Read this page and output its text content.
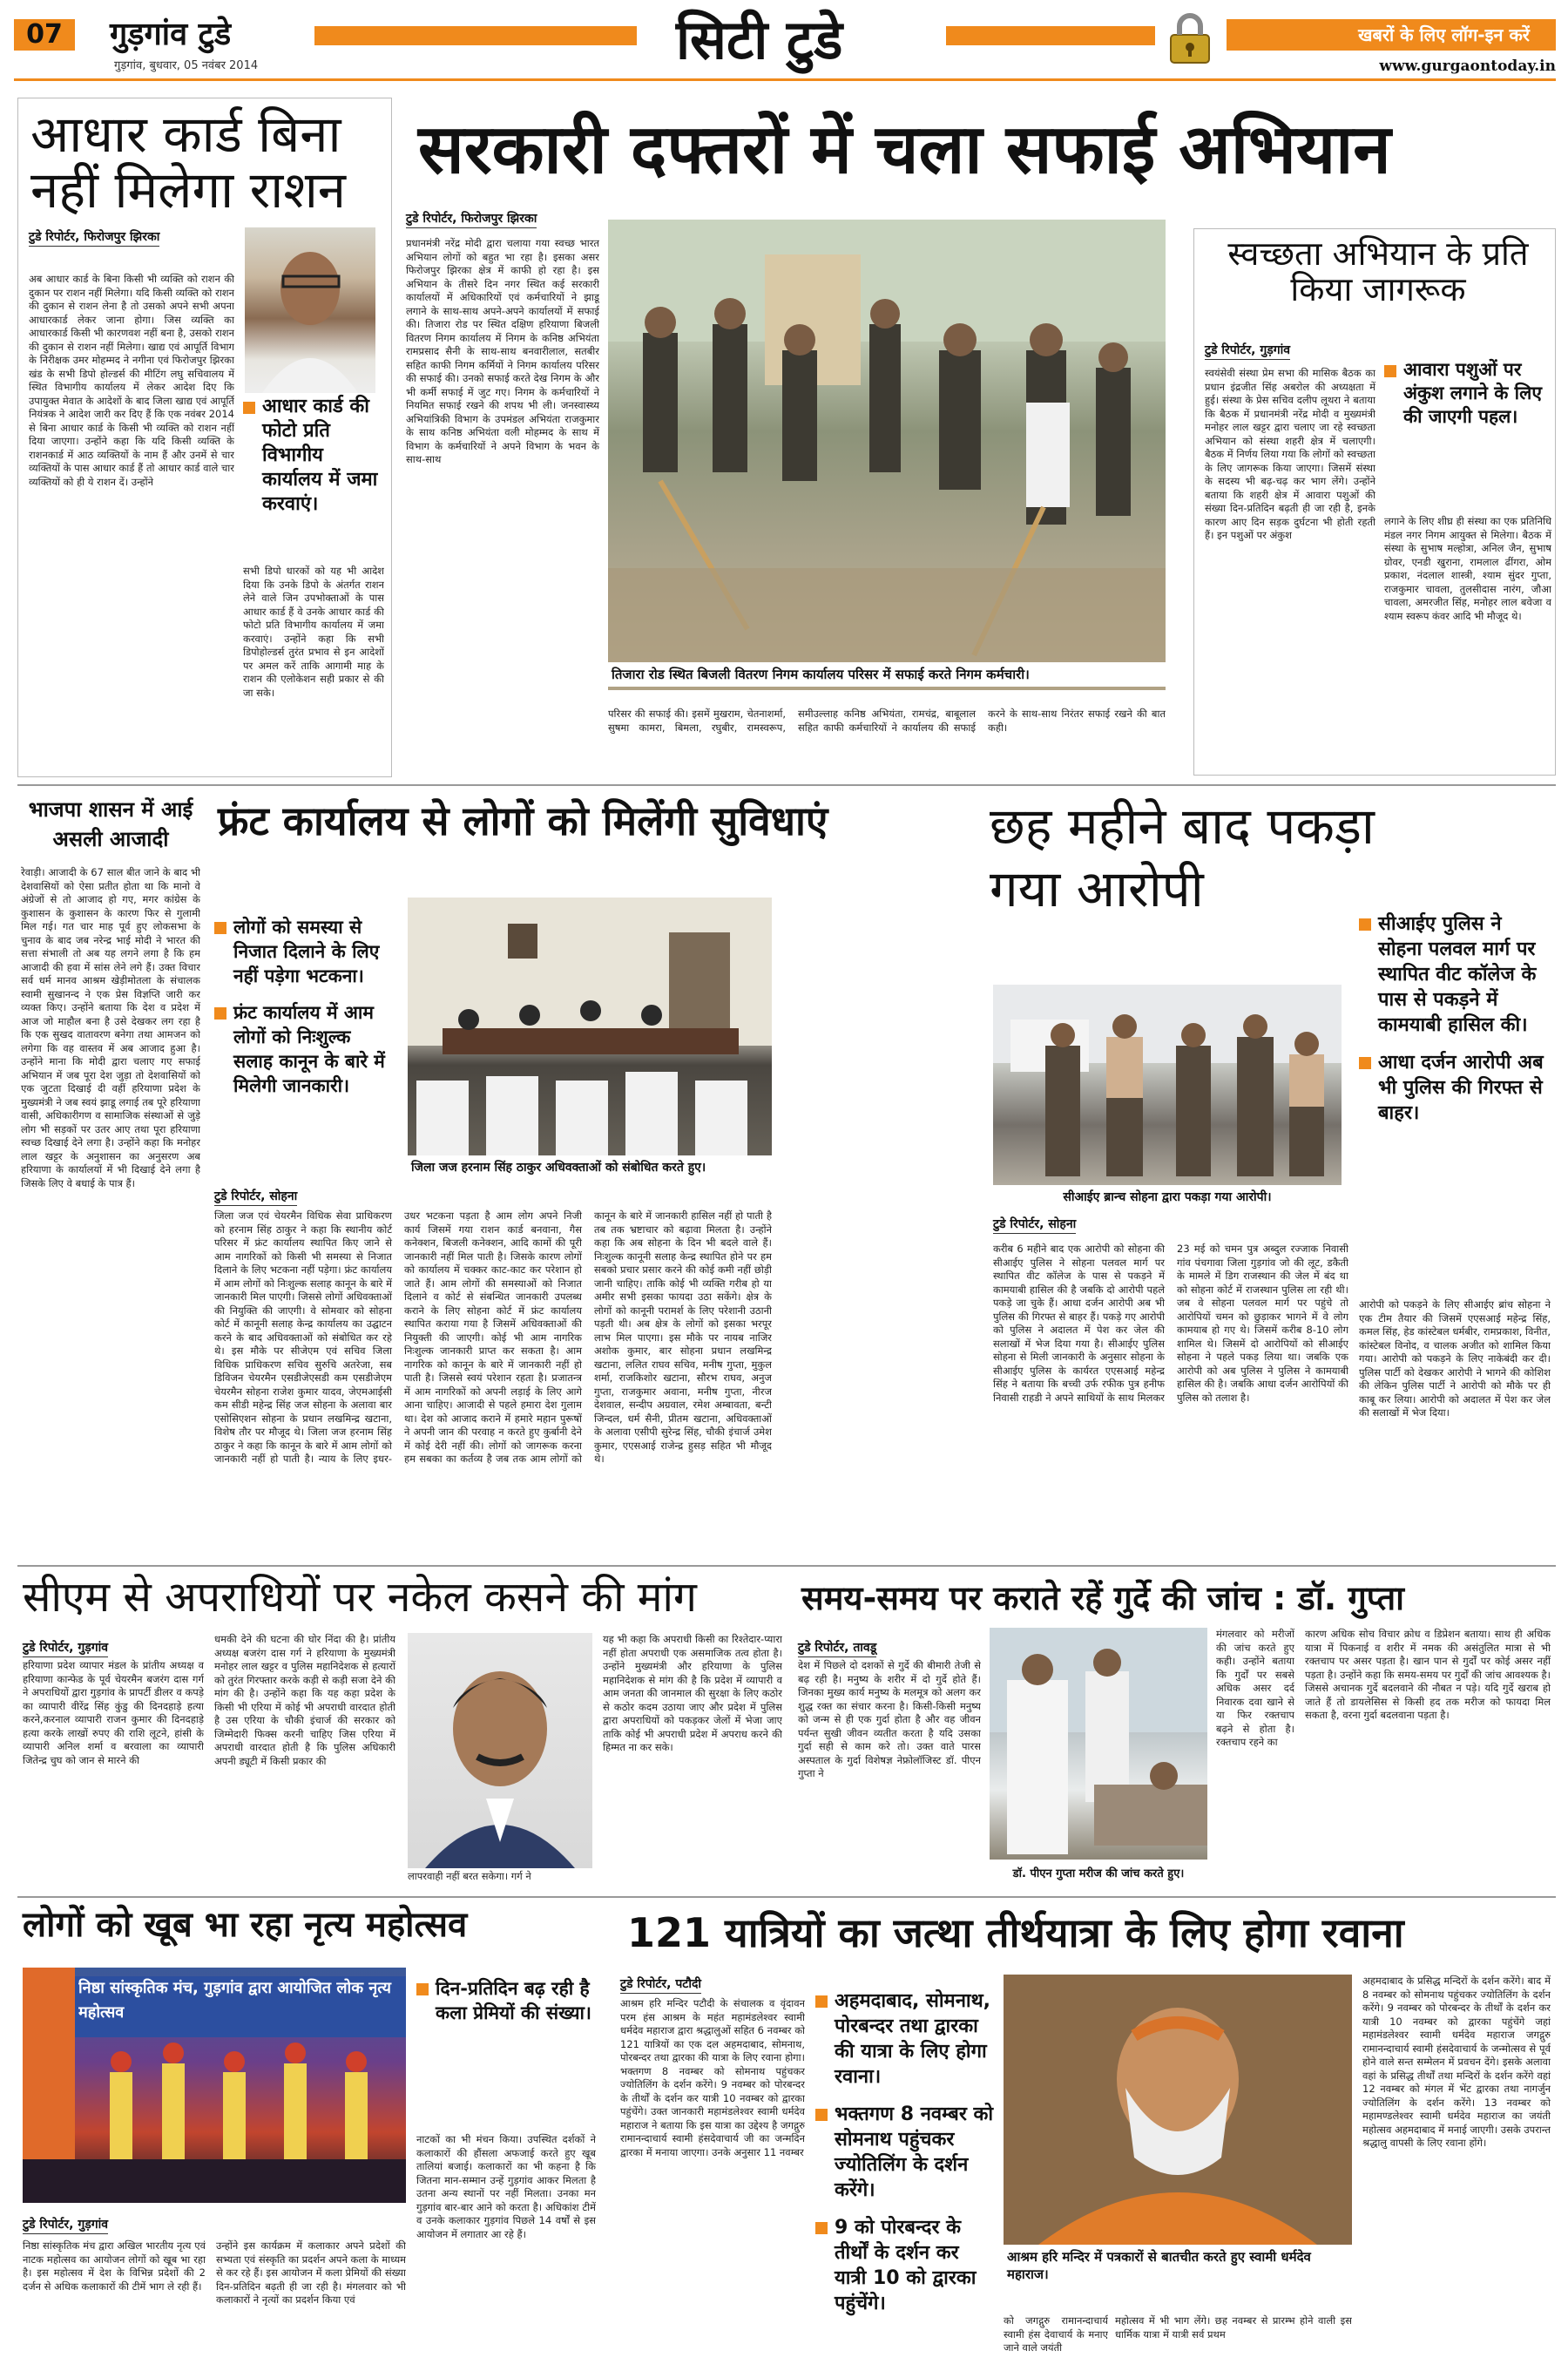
07	गुड़गांव टुडे
गुड़गांव, बुधवार, 05 नवंबर 2014	सिटी टुडे	खबरों के लिए लॉग-इन करें
www.gurgaontoday.in
आधार कार्ड बिना नहीं मिलेगा राशन
टुडे रिपोर्टर, फिरोजपुर झिरका
अब आधार कार्ड के बिना किसी भी व्यक्ति को राशन की दुकान पर राशन नहीं मिलेगा। यदि किसी व्यक्ति को राशन की दुकान से राशन लेना है तो उसको अपने सभी अपना आधारकार्ड लेकर जाना होगा। जिस व्यक्ति का आधारकार्ड किसी भी कारणवश नहीं बना है, उसको राशन की दुकान से राशन नहीं मिलेगा। खाद्य एवं आपूर्ति विभाग के निरीक्षक उमर मोहम्मद ने नगीना एवं फिरोजपुर झिरका खंड के सभी डिपो होल्डर्स की मीटिंग लघु सचिवालय में स्थित विभागीय कार्यालय में लेकर आदेश दिए कि उपायुक्त मेवात के आदेशों के बाद जिला खाद्य एवं आपूर्ति नियंत्रक ने आदेश जारी कर दिए हैं कि एक नवंबर 2014 से बिना आधार कार्ड के किसी भी व्यक्ति को राशन नहीं दिया जाएगा। उन्होंने कहा कि यदि किसी व्यक्ति के राशनकार्ड में आठ व्यक्तियों के नाम हैं और उनमें से चार व्यक्तियों के पास आधार कार्ड हैं तो आधार कार्ड वाले चार व्यक्तियों को ही ये राशन दें। उन्होंने
आधार कार्ड की फोटो प्रति विभागीय कार्यालय में जमा करवाएं।
सभी डिपो धारकों को यह भी आदेश दिया कि उनके डिपो के अंतर्गत राशन लेने वाले जिन उपभोक्ताओं के पास आधार कार्ड हैं वे उनके आधार कार्ड की फोटो प्रति विभागीय कार्यालय में जमा करवाएं। उन्होंने कहा कि सभी डिपोहोल्डर्स तुरंत प्रभाव से इन आदेशों पर अमल करें ताकि आगामी माह के राशन की एलोकेशन सही प्रकार से की जा सके।
सरकारी दफ्तरों में चला सफाई अभियान
टुडे रिपोर्टर, फिरोजपुर झिरका
प्रधानमंत्री नरेंद्र मोदी द्वारा चलाया गया स्वच्छ भारत अभियान लोगों को बहुत भा रहा है। इसका असर फिरोजपुर झिरका क्षेत्र में काफी हो रहा है। इस अभियान के तीसरे दिन नगर स्थित कई सरकारी कार्यालयों में अधिकारियों एवं कर्मचारियों ने झाडू लगाने के साथ-साथ अपने-अपने कार्यालयों में सफाई की। तिजारा रोड पर स्थित दक्षिण हरियाणा बिजली वितरण निगम कार्यालय में निगम के कनिष्ठ अभियंता रामप्रसाद सैनी के साथ-साथ बनवारीलाल, सतबीर सहित काफी निगम कर्मियों ने निगम कार्यालय परिसर की सफाई की। उनको सफाई करते देख निगम के और भी कर्मी सफाई में जुट गए। निगम के कर्मचारियों ने नियमित सफाई रखने की शपथ भी ली। जनस्वास्थ्य अभियांत्रिकी विभाग के उपमंडल अभियंता राजकुमार के साथ कनिष्ठ अभियंता वली मोहम्मद के साथ में विभाग के कर्मचारियों ने अपने विभाग के भवन के साथ-साथ
तिजारा रोड स्थित बिजली वितरण निगम कार्यालय परिसर में सफाई करते निगम कर्मचारी।
परिसर की सफाई की। इसमें मुखराम, चेतनाशर्मा, सुषमा कामरा, बिमला, रघुबीर, रामस्वरूप, समीउल्लाह कनिष्ठ अभियंता, रामचंद्र, बाबूलाल सहित काफी कर्मचारियों ने कार्यालय की सफाई करने के साथ-साथ निरंतर सफाई रखने की बात कही।
स्वच्छता अभियान के प्रति किया जागरूक
टुडे रिपोर्टर, गुड़गांव
स्वयंसेवी संस्था प्रेम सभा की मासिक बैठक का प्रधान इंद्रजीत सिंह अबरोल की अध्यक्षता में हुई। संस्था के प्रेस सचिव दलीप लूथरा ने बताया कि बैठक में प्रधानमंत्री नरेंद्र मोदी व मुख्यमंत्री मनोहर लाल खट्टर द्वारा चलाए जा रहे स्वच्छता अभियान को संस्था शहरी क्षेत्र में चलाएगी। बैठक में निर्णय लिया गया कि लोगों को स्वच्छता के लिए जागरूक किया जाएगा। जिसमें संस्था के सदस्य भी बढ़-चढ़ कर भाग लेंगे। उन्होंने बताया कि शहरी क्षेत्र में आवारा पशुओं की संख्या दिन-प्रतिदिन बढ़ती ही जा रही है, इनके कारण आए दिन सड़क दुर्घटना भी होती रहती हैं। इन पशुओं पर अंकुश
आवारा पशुओं पर अंकुश लगाने के लिए की जाएगी पहल।
लगाने के लिए शीघ्र ही संस्था का एक प्रतिनिधि मंडल नगर निगम आयुक्त से मिलेगा। बैठक में संस्था के सुभाष मल्होत्रा, अनिल जैन, सुभाष ग्रोवर, एनडी खुराना, रामलाल ढींगरा, ओम प्रकाश, नंदलाल शास्त्री, श्याम सुंदर गुप्ता, राजकुमार चावला, तुलसीदास नारंग, जौआ चावला, अमरजीत सिंह, मनोहर लाल बवेजा व श्याम स्वरूप कंवर आदि भी मौजूद थे।
भाजपा शासन में आई असली आजादी
रेवाड़ी। आजादी के 67 साल बीत जाने के बाद भी देशवासियों को ऐसा प्रतीत होता था कि मानो वे अंग्रेजों से तो आजाद हो गए, मगर कांग्रेस के कुशासन के कुशासन के कारण फिर से गुलामी मिल गई। गत चार माह पूर्व हुए लोकसभा के चुनाव के बाद जब नरेन्द्र भाई मोदी ने भारत की सत्ता संभाली तो अब यह लगने लगा है कि हम आजादी की हवा में सांस लेने लगे हैं। उक्त विचार सर्व धर्म मानव आश्रम खेड़ीमोतला के संचालक स्वामी सुखानन्द ने एक प्रेस विज्ञप्ति जारी कर व्यक्त किए। उन्होंने बताया कि देश व प्रदेश में आज जो माहौल बना है उसे देखकर लग रहा है कि एक सुखद वातावरण बनेगा तथा आमजन को लगेगा कि वह वास्तव में अब आजाद हुआ है। उन्होंने माना कि मोदी द्वारा चलाए गए सफाई अभियान में जब पूरा देश जुड़ा तो देशवासियों को एक जुटता दिखाई दी वहीं हरियाणा प्रदेश के मुख्यमंत्री ने जब स्वयं झाडू लगाई तब पूरे हरियाणा वासी, अधिकारीगण व सामाजिक संस्थाओं से जुड़े लोग भी सड़कों पर उतर आए तथा पूरा हरियाणा स्वच्छ दिखाई देने लगा है। उन्होंने कहा कि मनोहर लाल खट्टर के अनुशासन का अनुसरण अब हरियाणा के कार्यालयों में भी दिखाई देने लगा है जिसके लिए वे बधाई के पात्र हैं।
फ्रंट कार्यालय से लोगों को मिलेंगी सुविधाएं
लोगों को समस्या से निजात दिलाने के लिए नहीं पड़ेगा भटकना।
फ्रंट कार्यालय में आम लोगों को निःशुल्क सलाह कानून के बारे में मिलेगी जानकारी।
जिला जज हरनाम सिंह ठाकुर अधिवक्ताओं को संबोधित करते हुए।
टुडे रिपोर्टर, सोहना
जिला जज एवं चेयरमैन विधिक सेवा प्राधिकरण को हरनाम सिंह ठाकुर ने कहा कि स्थानीय कोर्ट परिसर में फ्रंट कार्यालय स्थापित किए जाने से आम नागरिकों को किसी भी समस्या से निजात दिलाने के लिए भटकना नहीं पड़ेगा। फ्रंट कार्यालय में आम लोगों को निःशुल्क सलाह कानून के बारे में जानकारी मिल पाएगी। जिससे लोगों अधिवक्ताओं की नियुक्ति की जाएगी। वे सोमवार को सोहना कोर्ट में कानूनी सलाह केन्द्र कार्यालय का उद्घाटन करने के बाद अधिवक्ताओं को संबोधित कर रहे थे। इस मौके पर सीजेएम एवं सचिव जिला विधिक प्राधिकरण सचिव सुरुचि अतरेजा, सब डिविजन चेयरमैन एसडीजेएसडी कम एसडीजेएम चेयरमैन सोहना राजेश कुमार यादव, जेएमआईसी कम सीडी महेन्द्र सिंह जज सोहना के अलावा बार एसोसिएशन सोहना के प्रधान लखमिन्द्र खटाना, विशेष तौर पर मौजूद थे। जिला जज हरनाम सिंह ठाकुर ने कहा कि कानून के बारे में आम लोगों को जानकारी नहीं हो पाती है। न्याय के लिए इधर-उधर भटकना पड़ता है आम लोग अपने निजी कार्य जिसमें गया राशन कार्ड बनवाना, गैस कनेक्शन, बिजली कनेक्शन, आदि कामों की पूरी जानकारी नहीं मिल पाती है। जिसके कारण लोगों को कार्यालय में चक्कर काट-काट कर परेशान हो जाते हैं। आम लोगों की समस्याओं को निजात दिलाने व कोर्ट से संबन्धित जानकारी उपलब्ध कराने के लिए सोहना कोर्ट में फ्रंट कार्यालय स्थापित कराया गया है जिसमें अधिवक्ताओं की नियुक्ती की जाएगी। कोई भी आम नागरिक निःशुल्क जानकारी प्राप्त कर सकता है। आम नागरिक को कानून के बारे में जानकारी नहीं हो पाती है। जिससे स्वयं परेशान रहता है। प्रजातन्त्र में आम नागरिकों को अपनी लड़ाई के लिए आगे आना चाहिए। आजादी से पहले हमारा देश गुलाम था। देश को आजाद कराने में हमारे महान पुरूषों ने अपनी जान की परवाह न करते हुए कुर्बानी देने में कोई देरी नहीं की। लोगों को जागरूक करना हम सबका का कर्तव्य है जब तक आम लोगों को कानून के बारे में जानकारी हासिल नहीं हो पाती है तब तक भ्रष्टाचार को बढ़ावा मिलता है। उन्होंने कहा कि अब सोहना के दिन भी बदले वाले हैं। निःशुल्क कानूनी सलाह केन्द्र स्थापित होने पर हम सबको प्रचार प्रसार करने की कोई कमी नहीं छोड़ी जानी चाहिए। ताकि कोई भी व्यक्ति गरीब हो या अमीर सभी इसका फायदा उठा सकेंगे। क्षेत्र के लोगों को कानूनी परामर्श के लिए परेशानी उठानी पड़ती थी। अब क्षेत्र के लोगों को इसका भरपूर लाभ मिल पाएगा। इस मौके पर नायब नाजिर अशोक कुमार, बार सोहना प्रधान लखमिन्द्र खटाना, ललित राघव सचिव, मनीष गुप्ता, मुकुल शर्मा, राजकिशोर खटाना, सौरभ राघव, अनुज गुप्ता, राजकुमार अवाना, मनीष गुप्ता, नीरज देशवाल, सन्दीप अग्रवाल, रमेश अम्बावता, बन्टी जिन्दल, धर्म सैनी, प्रीतम खटाना, अधिवक्ताओं के अलावा एसीपी सुरेन्द्र सिंह, चौकी इंचार्ज उमेश कुमार, एएसआई राजेन्द्र हुसड़ सहित भी मौजूद थे।
छह महीने बाद पकड़ा गया आरोपी
सीआईए ब्रान्च सोहना द्वारा पकड़ा गया आरोपी।
सीआईए पुलिस ने सोहना पलवल मार्ग पर स्थापित वीट कॉलेज के पास से पकड़ने में कामयाबी हासिल की।
आधा दर्जन आरोपी अब भी पुलिस की गिरफ्त से बाहर।
टुडे रिपोर्टर, सोहना
करीब 6 महीने बाद एक आरोपी को सोहना की सीआईए पुलिस ने सोहना पलवल मार्ग पर स्थापित वीट कॉलेज के पास से पकड़ने में कामयाबी हासिल की है जबकि दो आरोपी पहले पकड़े जा चुके हैं। आधा दर्जन आरोपी अब भी पुलिस की गिरफ्त से बाहर हैं। पकड़े गए आरोपी को पुलिस ने अदालत में पेश कर जेल की सलाखों में भेज दिया गया है। सीआईए पुलिस सोहना से मिली जानकारी के अनुसार सोहना के सीआईए पुलिस के कार्यरत एएसआई महेन्द्र सिंह ने बताया कि बच्ची उर्फ रफीक पुत्र हनीफ निवासी राहडी ने अपने साथियों के साथ मिलकर 23 मई को चमन पुत्र अब्दुल रज्जाक निवासी गांव पंचगावा जिला गुड़गांव जो की लूट, डकैती के मामले में डिग राजस्थान की जेल में बंद था को सोहना कोर्ट में राजस्थान पुलिस ला रही थी। जब वे सोहना पलवल मार्ग पर पहुंचे तो आरोपियों चमन को छुड़ाकर भागने में वे लोग कामयाब हो गए थे। जिसमें करीब 8-10 लोग शामिल थे। जिसमें दो आरोपियों को सीआईए सोहना ने पहले पकड़ लिया था। जबकि एक आरोपी को अब पुलिस ने पुलिस ने कामयाबी हासिल की है। जबकि आधा दर्जन आरोपियों की पुलिस को तलाश है।
आरोपी को पकड़ने के लिए सीआईए ब्रांच सोहना ने एक टीम तैयार की जिसमें एएसआई महेन्द्र सिंह, कमल सिंह, हेड कांस्टेबल धर्मबीर, रामप्रकाश, विनीत, कांस्टेबल विनोद, व चालक अजीत को शामिल किया गया। आरोपी को पकड़ने के लिए नाकेबंदी कर दी। पुलिस पार्टी को देखकर आरोपी ने भागने की कोशिश की लेकिन पुलिस पार्टी ने आरोपी को मौके पर ही काबू कर लिया। आरोपी को अदालत में पेश कर जेल की सलाखों में भेज दिया।
सीएम से अपराधियों पर नकेल कसने की मांग
टुडे रिपोर्टर, गुड़गांव
हरियाणा प्रदेश व्यापार मंडल के प्रांतीय अध्यक्ष व हरियाणा कान्फेड के पूर्व चेयरमैन बजरंग दास गर्ग ने अपराधियों द्वारा गुड़गांव के प्रापर्टी डीलर व कपड़े का व्यापारी वीरेंद्र सिंह कुंडु की दिनदहाड़े हत्या करने,करनाल व्यापारी राजन कुमार की दिनदहाड़े हत्या करके लाखों रुपए की राशि लूटने, हांसी के व्यापारी अनिल शर्मा व बरवाला का व्यापारी जितेन्द्र चुघ को जान से मारने की
धमकी देने की घटना की घोर निंदा की है। प्रांतीय अध्यक्ष बजरंग दास गर्ग ने हरियाणा के मुख्यमंत्री मनोहर लाल खट्टर व पुलिस महानिदेशक से हत्यारों को तुरंत गिरफ्तार करके कड़ी से कड़ी सजा देने की मांग की है। उन्होंने कहा कि यह कहा प्रदेश के किसी भी एरिया में कोई भी अपराधी वारदात होती है उस एरिया के चौकी इंचार्ज की सरकार को जिम्मेदारी फिक्स करनी चाहिए जिस एरिया में अपराधी वारदात होती है कि पुलिस अधिकारी अपनी ड्यूटी में किसी प्रकार की
लापरवाही नहीं बरत सकेगा। गर्ग ने
यह भी कहा कि अपराधी किसी का रिश्तेदार-प्यारा नहीं होता अपराधी एक असमाजिक तत्व होता है। उन्होंने मुख्यमंत्री और हरियाणा के पुलिस महानिदेशक से मांग की है कि प्रदेश में व्यापारी व आम जनता की जानमाल की सुरक्षा के लिए कठोर से कठोर कदम उठाया जाए और प्रदेश में पुलिस द्वारा अपराधियों को पकड़कर जेलों में भेजा जाए ताकि कोई भी अपराधी प्रदेश में अपराध करने की हिम्मत ना कर सके।
समय-समय पर कराते रहें गुर्दे की जांच : डॉ. गुप्ता
टुडे रिपोर्टर, तावडू
देश में पिछले दो दशकों से गुर्दे की बीमारी तेजी से बढ़ रही है। मनुष्य के शरीर में दो गुर्दे होते हैं। जिनका मुख्य कार्य मनुष्य के मलमूत्र को अलग कर शुद्ध रक्त का संचार करना है। किसी-किसी मनुष्य को जन्म से ही एक गुर्दा होता है और वह जीवन पर्यन्त सुखी जीवन व्यतीत करता है यदि उसका गुर्दा सही से काम करे तो। उक्त वाते पारस अस्पताल के गुर्दा विशेषज्ञ नेफ्रोलॉजिस्ट डॉ. पीएन गुप्ता ने
डॉ. पीएन गुप्ता मरीज की जांच करते हुए।
मंगलवार को मरीजों की जांच करते हुए कही। उन्होंने बताया कि गुर्दों पर सबसे अधिक असर दर्द निवारक दवा खाने से या फिर रक्तचाप बढ़ने से होता है। रक्तचाप रहने का
कारण अधिक सोच विचार क्रोध व डिप्रेशन बताया। साथ ही अधिक यात्रा में पिकनाई व शरीर में नमक की असंतुलित मात्रा से भी रक्तचाप पर असर पड़ता है। खान पान से गुर्दों पर कोई असर नहीं पड़ता है। उन्होंने कहा कि समय-समय पर गुर्दों की जांच आवश्यक है। जिससे अचानक गुर्दे बदलवाने की नौबत न पड़े। यदि गुर्दे खराब हो जाते हैं तो डायलेसिस से किसी हद तक मरीज को फायदा मिल सकता है, वरना गुर्दा बदलवाना पड़ता है।
लोगों को खूब भा रहा नृत्य महोत्सव
निष्ठा सांस्कृतिक मंच, गुड़गांव द्वारा आयोजित लोक नृत्य महोत्सव
दिन-प्रतिदिन बढ़ रही है कला प्रेमियों की संख्या।
नाटकों का भी मंचन किया। उपस्थित दर्शकों ने कलाकारों की हौंसला अफजाई करते हुए खूब तालियां बजाई। कलाकारों का भी कहना है कि जितना मान-सम्मान उन्हें गुड़गांव आकर मिलता है उतना अन्य स्थानों पर नहीं मिलता। उनका मन गुड़गांव बार-बार आने को करता है। अधिकांश टीमें व उनके कलाकार गुड़गांव पिछले 14 वर्षों से इस आयोजन में लगातार आ रहे हैं।
टुडे रिपोर्टर, गुड़गांव
निष्ठा सांस्कृतिक मंच द्वारा अखिल भारतीय नृत्य एवं नाटक महोत्सव का आयोजन लोगों को खूब भा रहा है। इस महोत्सव में देश के विभिन्न प्रदेशों की 2 दर्जन से अधिक कलाकारों की टीमें भाग ले रही हैं।
उन्होंने इस कार्यक्रम में कलाकार अपने प्रदेशों की सभ्यता एवं संस्कृति का प्रदर्शन अपने कला के माध्यम से कर रहे हैं। इस आयोजन में कला प्रेमियों की संख्या दिन-प्रतिदिन बढ़ती ही जा रही है। मंगलवार को भी कलाकारों ने नृत्यों का प्रदर्शन किया एवं
121 यात्रियों का जत्था तीर्थयात्रा के लिए होगा रवाना
टुडे रिपोर्टर, पटौदी
आश्रम हरि मन्दिर पटौदी के संचालक व वृंदावन परम हंस आश्रम के महंत महामंडलेश्वर स्वामी धर्मदेव महाराज द्वारा श्रद्धालुओं सहित 6 नवम्बर को 121 यात्रियों का एक दल अहमदाबाद, सोमनाथ, पोरबन्दर तथा द्वारका की यात्रा के लिए रवाना होगा। भक्तगण 8 नवम्बर को सोमनाथ पहुंचकर ज्योतिलिंग के दर्शन करेंगे। 9 नवम्बर को पोरबन्दर के तीर्थों के दर्शन कर यात्री 10 नवम्बर को द्वारका पहुंचेंगे। उक्त जानकारी महामंडलेश्वर स्वामी धर्मदेव महाराज ने बताया कि इस यात्रा का उद्देश्य है जगद्गुरु रामानन्दाचार्य स्वामी हंसदेवाचार्य जी का जन्मदिन द्वारका में मनाया जाएगा। उनके अनुसार 11 नवम्बर
अहमदाबाद, सोमनाथ, पोरबन्दर तथा द्वारका की यात्रा के लिए होगा रवाना।
भक्तगण 8 नवम्बर को सोमनाथ पहुंचकर ज्योतिलिंग के दर्शन करेंगे।
9 को पोरबन्दर के तीर्थों के दर्शन कर यात्री 10 को द्वारका पहुंचेंगे।
आश्रम हरि मन्दिर में पत्रकारों से बातचीत करते हुए स्वामी धर्मदेव महाराज।
को जगद्गुरु रामानन्दाचार्य स्वामी हंस देवाचार्य के मनाए जाने वाले जयंती
महोत्सव में भी भाग लेंगे। छह नवम्बर से प्रारम्भ होने वाली इस धार्मिक यात्रा में यात्री सर्व प्रथम
अहमदाबाद के प्रसिद्ध मन्दिरों के दर्शन करेंगे। बाद में 8 नवम्बर को सोमनाथ पहुंचकर ज्योतिलिंग के दर्शन करेंगे। 9 नवम्बर को पोरबन्दर के तीर्थों के दर्शन कर यात्री 10 नवम्बर को द्वारका पहुंचेंगे जहां महामंडलेश्वर स्वामी धर्मदेव महाराज जगद्गुरु रामानन्दाचार्य स्वामी हंसदेवाचार्य के जन्मोत्सव से पूर्व होने वाले सन्त सम्मेलन में प्रवचन देंगे। इसके अलावा वहां के प्रसिद्ध तीर्थों तथा मन्दिरों के दर्शन करेंगे वहां 12 नवम्बर को मंगल में भेंट द्वारका तथा नागर्जुन ज्योतिलिंग के दर्शन करेंगे। 13 नवम्बर को महामण्डलेश्वर स्वामी धर्मदेव महाराज का जयंती महोत्सव अहमदाबाद में मनाई जाएगी। उसके उपरान्त श्रद्धालु वापसी के लिए रवाना होंगे।
